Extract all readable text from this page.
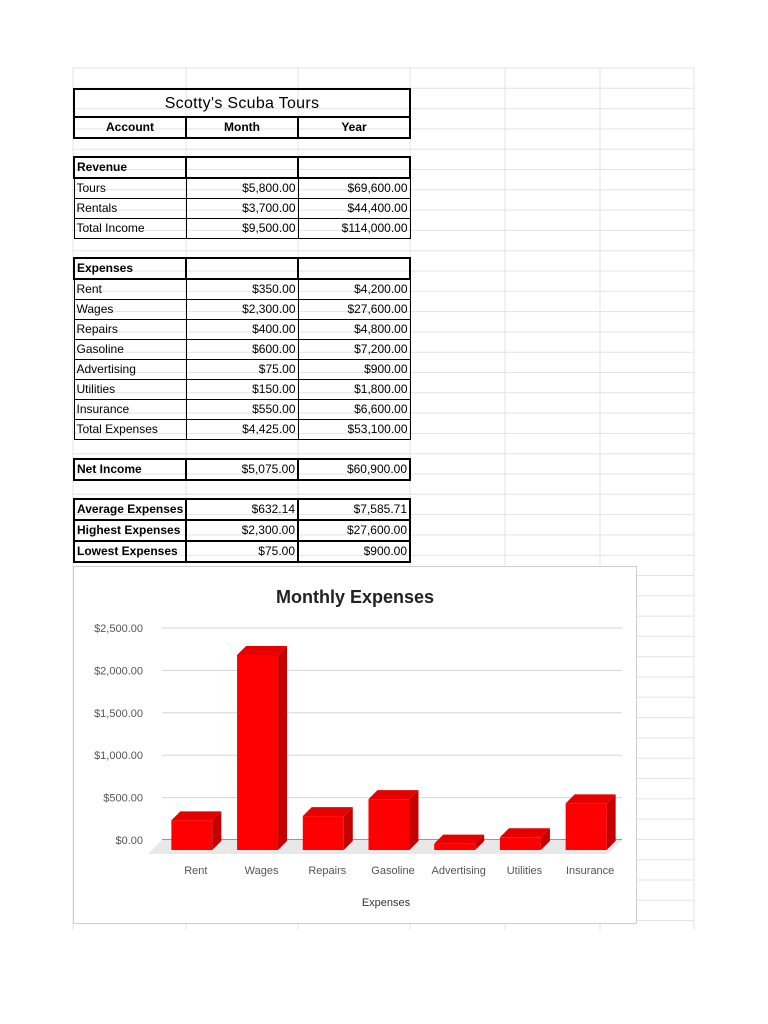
Scotty's Scuba Tours		
Account	Month	Year

Revenue		
Tours	$5,800.00	$69,600.00
Rentals	$3,700.00	$44,400.00
Total Income	$9,500.00	$114,000.00

Expenses		
Rent	$350.00	$4,200.00
Wages	$2,300.00	$27,600.00
Repairs	$400.00	$4,800.00
Gasoline	$600.00	$7,200.00
Advertising	$75.00	$900.00
Utilities	$150.00	$1,800.00
Insurance	$550.00	$6,600.00
Total Expenses	$4,425.00	$53,100.00

Net Income	$5,075.00	$60,900.00

Average Expenses	$632.14	$7,585.71
Highest Expenses	$2,300.00	$27,600.00
Lowest Expenses	$75.00	$900.00
Monthly Expenses
$0.00
$500.00
$1,000.00
$1,500.00
$2,000.00
$2,500.00
Rent	Wages	Repairs Gasoline Advertising Utilities Insurance
Expenses
